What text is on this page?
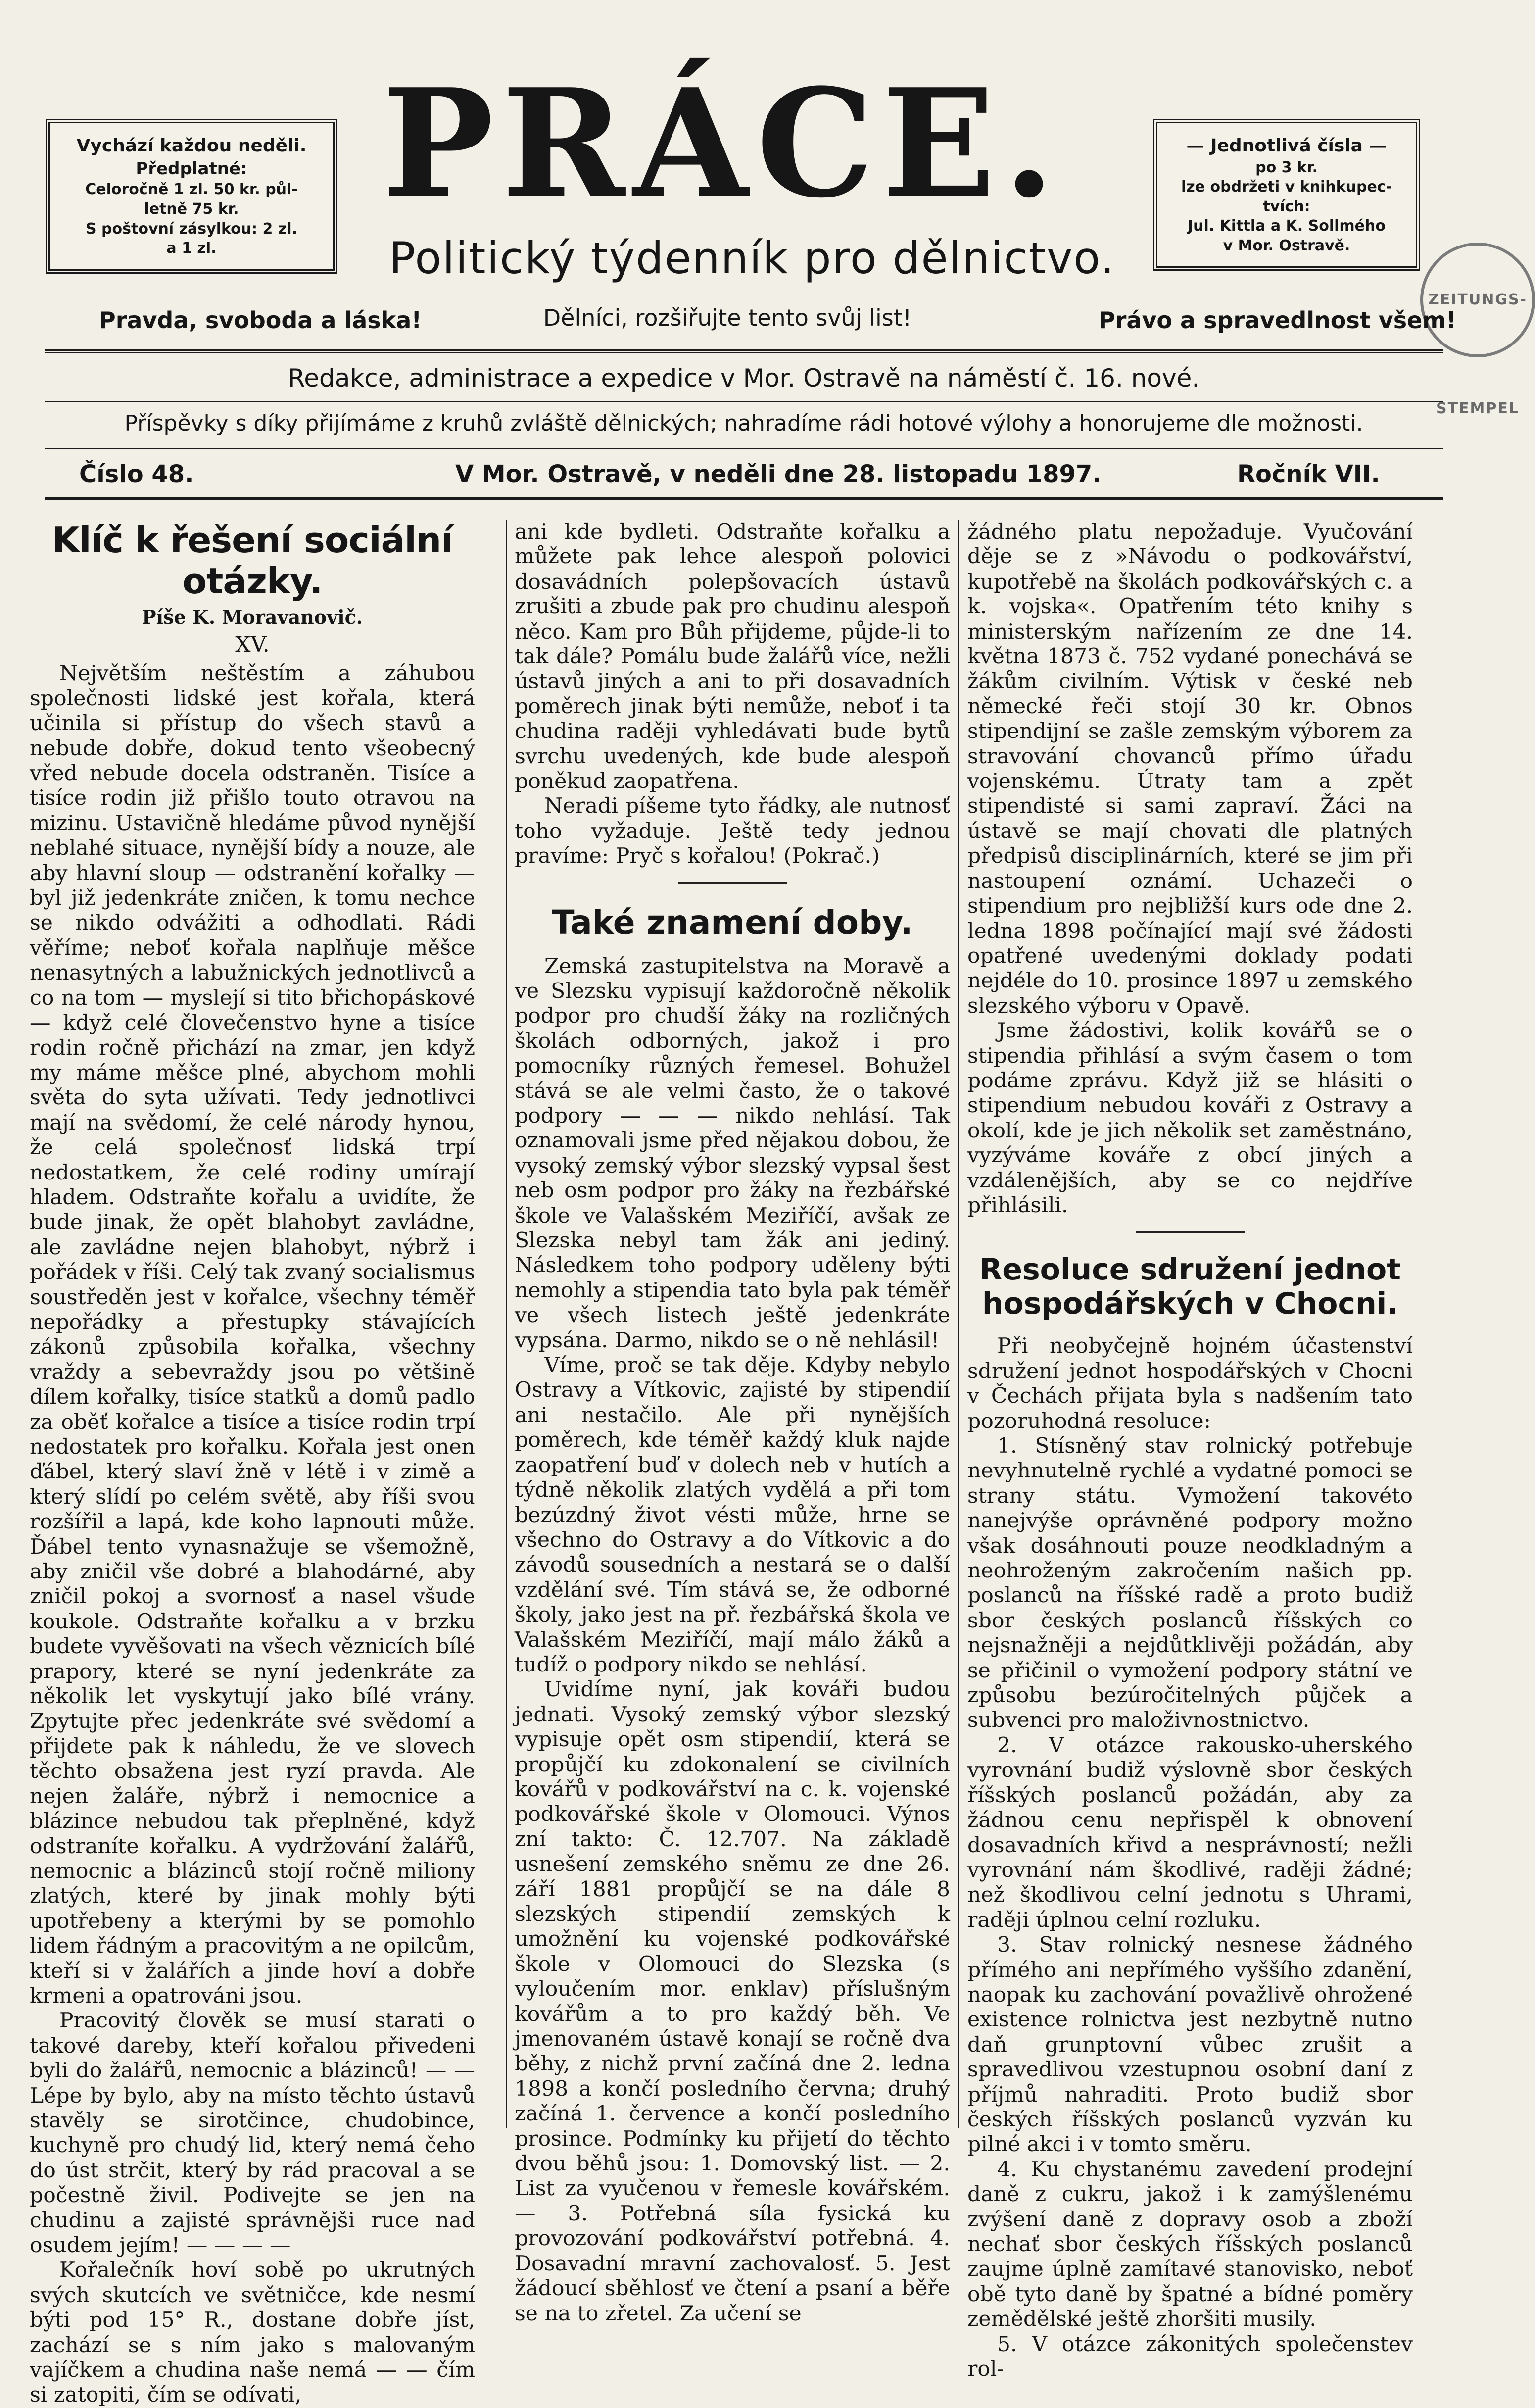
Vychází každou neděli.
Předplatné:
Celoročně 1 zl. 50 kr. půl-
letně 75 kr.
S poštovní zásylkou: 2 zl.
a 1 zl.
— Jednotlivá čísla —
po 3 kr.
lze obdržeti v knihkupec-
tvích:
Jul. Kittla a K. Sollmého
v Mor. Ostravě.
PRÁCE.
Politický týdenník pro dělnictvo.
ZEITUNGS-STEMPEL
Pravda, svoboda a láska!	Dělníci, rozšiřujte tento svůj list!	Právo a spravedlnost všem!
Redakce, administrace a expedice v Mor. Ostravě na náměstí č. 16. nové.
Příspěvky s díky přijímáme z kruhů zvláště dělnických; nahradíme rádi hotové výlohy a honorujeme dle možnosti.
Číslo 48.	V Mor. Ostravě, v neděli dne 28. listopadu 1897.	Ročník VII.
Klíč k řešení sociální otázky.
Píše K. Moravanovič.
XV.

Největším neštěstím a záhubou společnosti lidské jest kořala, která učinila si přístup do všech stavů a nebude dobře, dokud tento všeobecný vřed nebude docela odstraněn. Tisíce a tisíce rodin již přišlo touto otravou na mizinu. Ustavičně hledáme původ nynější neblahé situace, nynější bídy a nouze, ale aby hlavní sloup — odstranění kořalky — byl již jedenkráte zničen, k tomu nechce se nikdo odvážiti a odhodlati. Rádi věříme; neboť kořala naplňuje měšce nenasytných a labužnických jednotlivců a co na tom — myslejí si tito břichopáskové — když celé človečenstvo hyne a tisíce rodin ročně přichází na zmar, jen když my máme měšce plné, abychom mohli světa do syta užívati. Tedy jednotlivci mají na svědomí, že celé národy hynou, že celá společnosť lidská trpí nedostatkem, že celé rodiny umírají hladem. Odstraňte kořalu a uvidíte, že bude jinak, že opět blahobyt zavládne, ale zavládne nejen blahobyt, nýbrž i pořádek v říši. Celý tak zvaný socialismus soustředěn jest v kořalce, všechny téměř nepořádky a přestupky stávajících zákonů způsobila kořalka, všechny vraždy a sebevraždy jsou po většině dílem kořalky, tisíce statků a domů padlo za oběť kořalce a tisíce a tisíce rodin trpí nedostatek pro kořalku. Kořala jest onen ďábel, který slaví žně v létě i v zimě a který slídí po celém světě, aby říši svou rozšířil a lapá, kde koho lapnouti může. Ďábel tento vynasnažuje se všemožně, aby zničil vše dobré a blahodárné, aby zničil pokoj a svornosť a nasel všude koukole. Odstraňte kořalku a v brzku budete vyvěšovati na všech věznicích bílé prapory, které se nyní jedenkráte za několik let vyskytují jako bílé vrány. Zpytujte přec jedenkráte své svědomí a přijdete pak k náhledu, že ve slovech těchto obsažena jest ryzí pravda. Ale nejen žaláře, nýbrž i nemocnice a blázince nebudou tak přeplněné, když odstraníte kořalku. A vydržování žalářů, nemocnic a blázinců stojí ročně miliony zlatých, které by jinak mohly býti upotřebeny a kterými by se pomohlo lidem řádným a pracovitým a ne opilcům, kteří si v žalářích a jinde hoví a dobře krmeni a opatrováni jsou.

Pracovitý člověk se musí starati o takové dareby, kteří kořalou přivedeni byli do žalářů, nemocnic a blázinců! — — Lépe by bylo, aby na místo těchto ústavů stavěly se sirotčince, chudobince, kuchyně pro chudý lid, který nemá čeho do úst strčit, který by rád pracoval a se počestně živil. Podivejte se jen na chudinu a zajisté správnějši ruce nad osudem jejím! — — — —

Kořalečník hoví sobě po ukrutných svých skutcích ve světničce, kde nesmí býti pod 15° R., dostane dobře jíst, zachází se s ním jako s malovaným vajíčkem a chudina naše nemá — — čím si zatopiti, čím se odívati,

ani kde bydleti. Odstraňte kořalku a můžete pak lehce alespoň polovici dosavádních polepšovacích ústavů zrušiti a zbude pak pro chudinu alespoň něco. Kam pro Bůh přijdeme, půjde-li to tak dále? Pomálu bude žalářů více, nežli ústavů jiných a ani to při dosavadních poměrech jinak býti nemůže, neboť i ta chudina raději vyhledávati bude bytů svrchu uvedených, kde bude alespoň poněkud zaopatřena.

Neradi píšeme tyto řádky, ale nutnosť toho vyžaduje. Ještě tedy jednou pravíme: Pryč s kořalou! (Pokrač.)

Také znamení doby.

Zemská zastupitelstva na Moravě a ve Slezsku vypisují každoročně několik podpor pro chudší žáky na rozličných školách odborných, jakož i pro pomocníky různých řemesel. Bohužel stává se ale velmi často, že o takové podpory — — — nikdo nehlásí. Tak oznamovali jsme před nějakou dobou, že vysoký zemský výbor slezský vypsal šest neb osm podpor pro žáky na řezbářské škole ve Valašském Meziříčí, avšak ze Slezska nebyl tam žák ani jediný. Následkem toho podpory uděleny býti nemohly a stipendia tato byla pak téměř ve všech listech ještě jedenkráte vypsána. Darmo, nikdo se o ně nehlásil!

Víme, proč se tak děje. Kdyby nebylo Ostravy a Vítkovic, zajisté by stipendií ani nestačilo. Ale při nynějších poměrech, kde téměř každý kluk najde zaopatření buď v dolech neb v hutích a týdně několik zlatých vydělá a při tom bezúzdný život vésti může, hrne se všechno do Ostravy a do Vítkovic a do závodů sousedních a nestará se o další vzdělání své. Tím stává se, že odborné školy, jako jest na př. řezbářská škola ve Valašském Meziříčí, mají málo žáků a tudíž o podpory nikdo se nehlásí.

Uvidíme nyní, jak kováři budou jednati. Vysoký zemský výbor slezský vypisuje opět osm stipendií, která se propůjčí ku zdokonalení se civilních kovářů v podkovářství na c. k. vojenské podkovářské škole v Olomouci. Výnos zní takto: Č. 12.707. Na základě usnešení zemského sněmu ze dne 26. září 1881 propůjčí se na dále 8 slezských stipendií zemských k umožnění ku vojenské podkovářské škole v Olomouci do Slezska (s vyloučením mor. enklav) příslušným kovářům a to pro každý běh. Ve jmenovaném ústavě konají se ročně dva běhy, z nichž první začíná dne 2. ledna 1898 a končí posledního června; druhý začíná 1. července a končí posledního prosince. Podmínky ku přijetí do těchto dvou běhů jsou: 1. Domovský list. — 2. List za vyučenou v řemesle kovářském. — 3. Potřebná síla fysická ku provozování podkovářství potřebná. 4. Dosavadní mravní zachovalosť. 5. Jest žádoucí sběhlosť ve čtení a psaní a běře se na to zřetel. Za učení se

žádného platu nepožaduje. Vyučování děje se z »Návodu o podkovářství, kupotřebě na školách podkovářských c. a k. vojska«. Opatřením této knihy s ministerským nařízením ze dne 14. května 1873 č. 752 vydané ponechává se žákům civilním. Výtisk v české neb německé řeči stojí 30 kr. Obnos stipendijní se zašle zemským výborem za stravování chovanců přímo úřadu vojenskému. Útraty tam a zpět stipendisté si sami zapraví. Žáci na ústavě se mají chovati dle platných předpisů disciplinárních, které se jim při nastoupení oznámí. Uchazeči o stipendium pro nejbližší kurs ode dne 2. ledna 1898 počínající mají své žádosti opatřené uvedenými doklady podati nejdéle do 10. prosince 1897 u zemského slezského výboru v Opavě.

Jsme žádostivi, kolik kovářů se o stipendia přihlásí a svým časem o tom podáme zprávu. Když již se hlásiti o stipendium nebudou kováři z Ostravy a okolí, kde je jich několik set zaměstnáno, vyzýváme kováře z obcí jiných a vzdálenějších, aby se co nejdříve přihlásili.

Resoluce sdružení jednot hospodářských v Chocni.

Při neobyčejně hojném účastenství sdružení jednot hospodářských v Chocni v Čechách přijata byla s nadšením tato pozoruhodná resoluce:

1. Stísněný stav rolnický potřebuje nevyhnutelně rychlé a vydatné pomoci se strany státu. Vymožení takovéto nanejvýše oprávněné podpory možno však dosáhnouti pouze neodkladným a neohroženým zakročením našich pp. poslanců na říšské radě a proto budiž sbor českých poslanců říšských co nejsnažněji a nejdůtklivěji požádán, aby se přičinil o vymožení podpory státní ve způsobu bezúročitelných půjček a subvenci pro maloživnostnictvo.

2. V otázce rakousko-uherského vyrovnání budiž výslovně sbor českých říšských poslanců požádán, aby za žádnou cenu nepřispěl k obnovení dosavadních křivd a nesprávností; nežli vyrovnání nám škodlivé, raději žádné; než škodlivou celní jednotu s Uhrami, raději úplnou celní rozluku.

3. Stav rolnický nesnese žádného přímého ani nepřímého vyššího zdanění, naopak ku zachování považlivě ohrožené existence rolnictva jest nezbytně nutno daň grunptovní vůbec zrušit a spravedlivou vzestupnou osobní daní z příjmů nahraditi. Proto budiž sbor českých říšských poslanců vyzván ku pilné akci i v tomto směru.

4. Ku chystanému zavedení prodejní daně z cukru, jakož i k zamýšlenému zvýšení daně z dopravy osob a zboží nechať sbor českých říšských poslanců zaujme úplně zamítavé stanovisko, neboť obě tyto daně by špatné a bídné poměry zemědělské ještě zhoršiti musily.

5. V otázce zákonitých společenstev rol-
